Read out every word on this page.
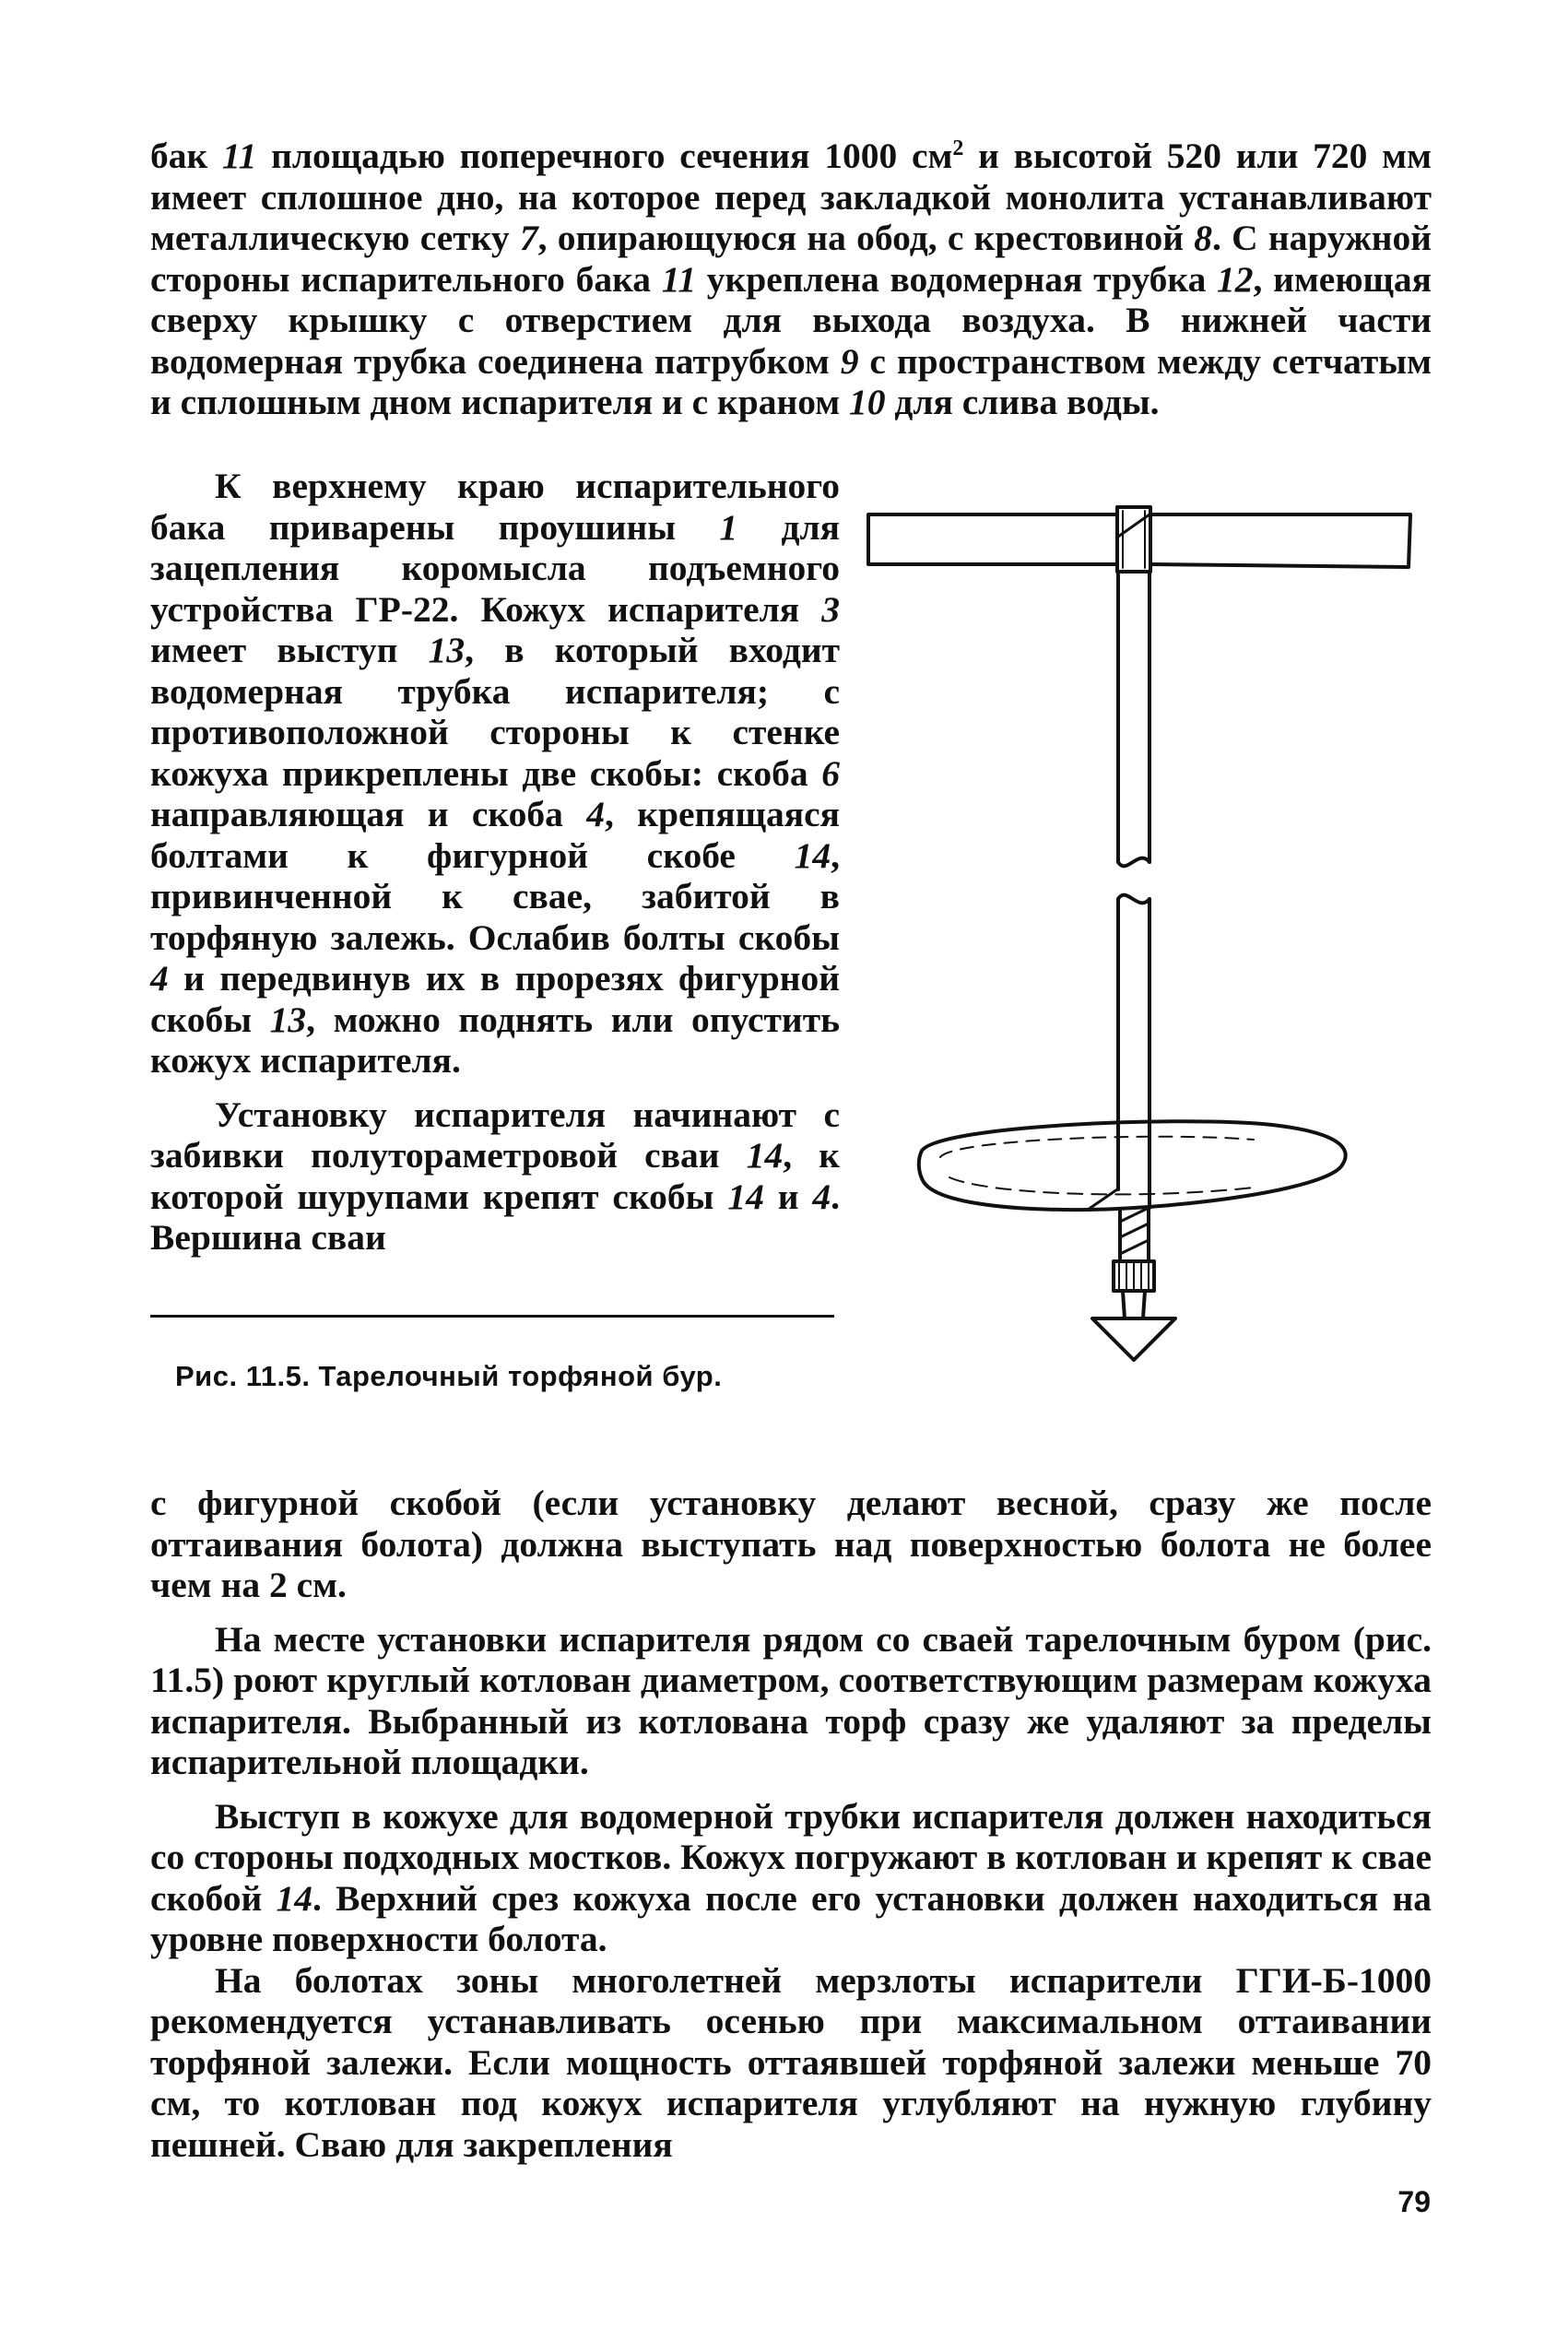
бак 11 площадью поперечного сечения 1000 $см^2$ и высотой 520 или 720 мм имеет сплошное дно, на которое перед закладкой монолита устанавливают металлическую сетку 7, опирающуюся на обод, с крестовиной 8. С наружной стороны испарительного бака 11 укреплена водомерная трубка 12, имеющая сверху крышку с отверстием для выхода воздуха. В нижней части водомерная трубка соединена патрубком 9 с пространством между сетчатым и сплошным дном испарителя и с краном 10 для слива воды.

К верхнему краю испарительного бака приварены проушины 1 для зацепления коромысла подъемного устройства ГР-22. Кожух испарителя 3 имеет выступ 13, в который входит водомерная трубка испарителя; с противоположной стороны к стенке кожуха прикреплены две скобы: скоба 6 направляющая и скоба 4, крепящаяся болтами к фигурной скобе 14, привинченной к свае, забитой в торфяную залежь. Ослабив болты скобы 4 и передвинув их в прорезях фигурной скобы 13, можно поднять или опустить кожух испарителя.

Установку испарителя начинают с забивки полутораметровой сваи 14, к которой шурупами крепят скобы 14 и 4. Вершина сваи

Рис. 11.5. Тарелочный торфяной бур.

с фигурной скобой (если установку делают весной, сразу же после оттаивания болота) должна выступать над поверхностью болота не более чем на 2 см.

На месте установки испарителя рядом со сваей тарелочным буром (рис. 11.5) роют круглый котлован диаметром, соответствующим размерам кожуха испарителя. Выбранный из котлована торф сразу же удаляют за пределы испарительной площадки.

Выступ в кожухе для водомерной трубки испарителя должен находиться со стороны подходных мостков. Кожух погружают в котлован и крепят к свае скобой 14. Верхний срез кожуха после его установки должен находиться на уровне поверхности болота.

На болотах зоны многолетней мерзлоты испарители ГГИ-Б-1000 рекомендуется устанавливать осенью при максимальном оттаивании торфяной залежи. Если мощность оттаявшей торфяной залежи меньше 70 см, то котлован под кожух испарителя углубляют на нужную глубину пешней. Сваю для закрепления

79
